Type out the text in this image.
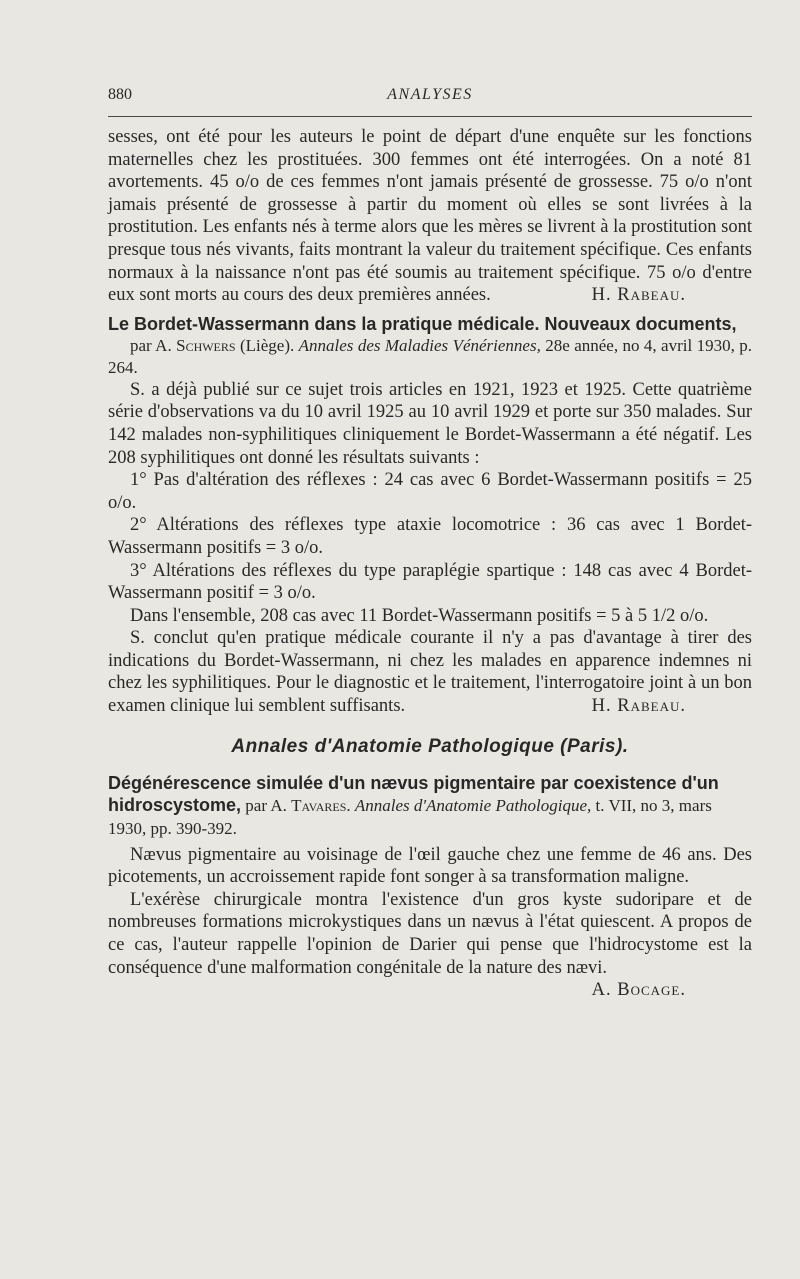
880	ANALYSES

sesses, ont été pour les auteurs le point de départ d'une enquête sur les fonctions maternelles chez les prostituées. 300 femmes ont été interrogées. On a noté 81 avortements. 45 o/o de ces femmes n'ont jamais présenté de grossesse. 75 o/o n'ont jamais présenté de grossesse à partir du moment où elles se sont livrées à la prostitution. Les enfants nés à terme alors que les mères se livrent à la prostitution sont presque tous nés vivants, faits montrant la valeur du traitement spécifique. Ces enfants normaux à la naissance n'ont pas été soumis au traitement spécifique. 75 o/o d'entre eux sont morts au cours des deux premières années.	H. Rabeau.

Le Bordet-Wassermann dans la pratique médicale. Nouveaux documents,

par A. Schwers (Liège). Annales des Maladies Vénériennes, 28e année, no 4, avril 1930, p. 264.

S. a déjà publié sur ce sujet trois articles en 1921, 1923 et 1925. Cette quatrième série d'observations va du 10 avril 1925 au 10 avril 1929 et porte sur 350 malades. Sur 142 malades non-syphilitiques cliniquement le Bordet-Wassermann a été négatif. Les 208 syphilitiques ont donné les résultats suivants :

1° Pas d'altération des réflexes : 24 cas avec 6 Bordet-Wassermann positifs = 25 o/o.

2° Altérations des réflexes type ataxie locomotrice : 36 cas avec 1 Bordet-Wassermann positifs = 3 o/o.

3° Altérations des réflexes du type paraplégie spartique : 148 cas avec 4 Bordet-Wassermann positif = 3 o/o.

Dans l'ensemble, 208 cas avec 11 Bordet-Wassermann positifs = 5 à 5 1/2 o/o.

S. conclut qu'en pratique médicale courante il n'y a pas d'avantage à tirer des indications du Bordet-Wassermann, ni chez les malades en apparence indemnes ni chez les syphilitiques. Pour le diagnostic et le traitement, l'interrogatoire joint à un bon examen clinique lui semblent suffisants.	H. Rabeau.

Annales d'Anatomie Pathologique (Paris).
Dégénérescence simulée d'un nævus pigmentaire par coexistence d'un hidroscystome, par A. Tavares. Annales d'Anatomie Pathologique, t. VII, no 3, mars 1930, pp. 390-392.

Nævus pigmentaire au voisinage de l'œil gauche chez une femme de 46 ans. Des picotements, un accroissement rapide font songer à sa transformation maligne.

L'exérèse chirurgicale montra l'existence d'un gros kyste sudoripare et de nombreuses formations microkystiques dans un nævus à l'état quiescent. A propos de ce cas, l'auteur rappelle l'opinion de Darier qui pense que l'hidrocystome est la conséquence d'une malformation congénitale de la nature des nævi.
A. Bocage.
